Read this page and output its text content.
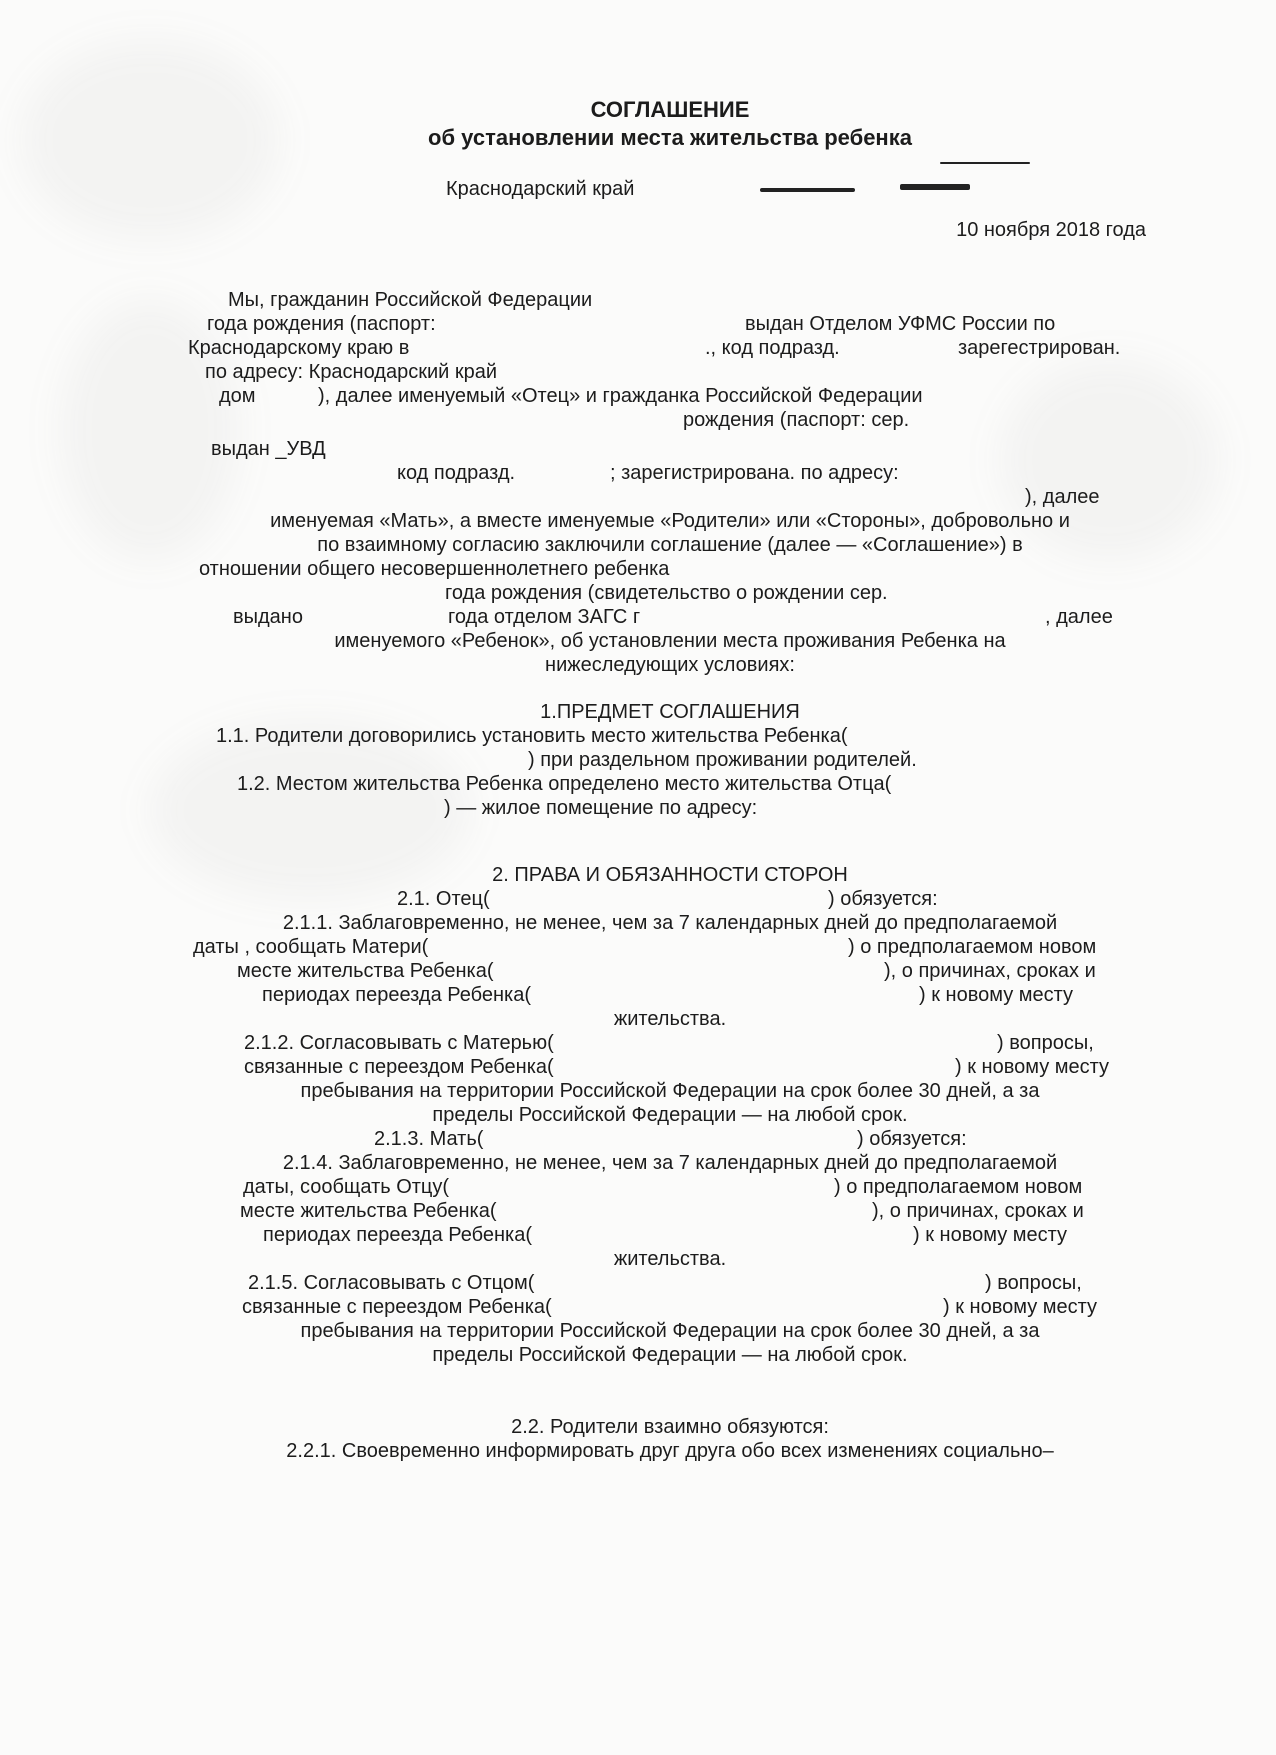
СОГЛАШЕНИЕ
об установлении места жительства ребенка
Краснодарский край
10 ноября 2018 года
Мы, гражданин Российской Федерации
года рождения (паспорт:	выдан Отделом УФМС России по
Краснодарскому краю в	., код подразд.	зарегестрирован.
по адресу: Краснодарский край
дом	), далее именуемый «Отец» и гражданка Российской Федерации
рождения (паспорт: сер.
выдан _УВД
код подразд.	; зарегистрирована. по адресу:
), далее
именуемая «Мать», а вместе именуемые «Родители» или «Стороны», добровольно и
по взаимному согласию заключили соглашение (далее — «Соглашение») в
отношении общего несовершеннолетнего ребенка
года рождения (свидетельство о рождении сер.
выдано	года отделом ЗАГС г	, далее
именуемого «Ребенок», об установлении места проживания Ребенка на
нижеследующих условиях:
1.ПРЕДМЕТ СОГЛАШЕНИЯ
1.1. Родители договорились установить место жительства Ребенка(
) при раздельном проживании родителей.
1.2. Местом жительства Ребенка определено место жительства Отца(
) — жилое помещение по адресу:
2. ПРАВА И ОБЯЗАННОСТИ СТОРОН
2.1. Отец(	) обязуется:
2.1.1. Заблаговременно, не менее, чем за 7 календарных дней до предполагаемой
даты , сообщать Матери(	) о предполагаемом новом
месте жительства Ребенка(	), о причинах, сроках и
периодах переезда Ребенка(	) к новому месту
жительства.
2.1.2. Согласовывать с Матерью(	) вопросы,
связанные с переездом Ребенка(	) к новому месту
пребывания на территории Российской Федерации на срок более 30 дней, а за
пределы Российской Федерации — на любой срок.
2.1.3. Мать(	) обязуется:
2.1.4. Заблаговременно, не менее, чем за 7 календарных дней до предполагаемой
даты, сообщать Отцу(	) о предполагаемом новом
месте жительства Ребенка(	), о причинах, сроках и
периодах переезда Ребенка(	) к новому месту
жительства.
2.1.5. Согласовывать с Отцом(	) вопросы,
связанные с переездом Ребенка(	) к новому месту
пребывания на территории Российской Федерации на срок более 30 дней, а за
пределы Российской Федерации — на любой срок.
2.2. Родители взаимно обязуются:
2.2.1. Своевременно информировать друг друга обо всех изменениях социально–
